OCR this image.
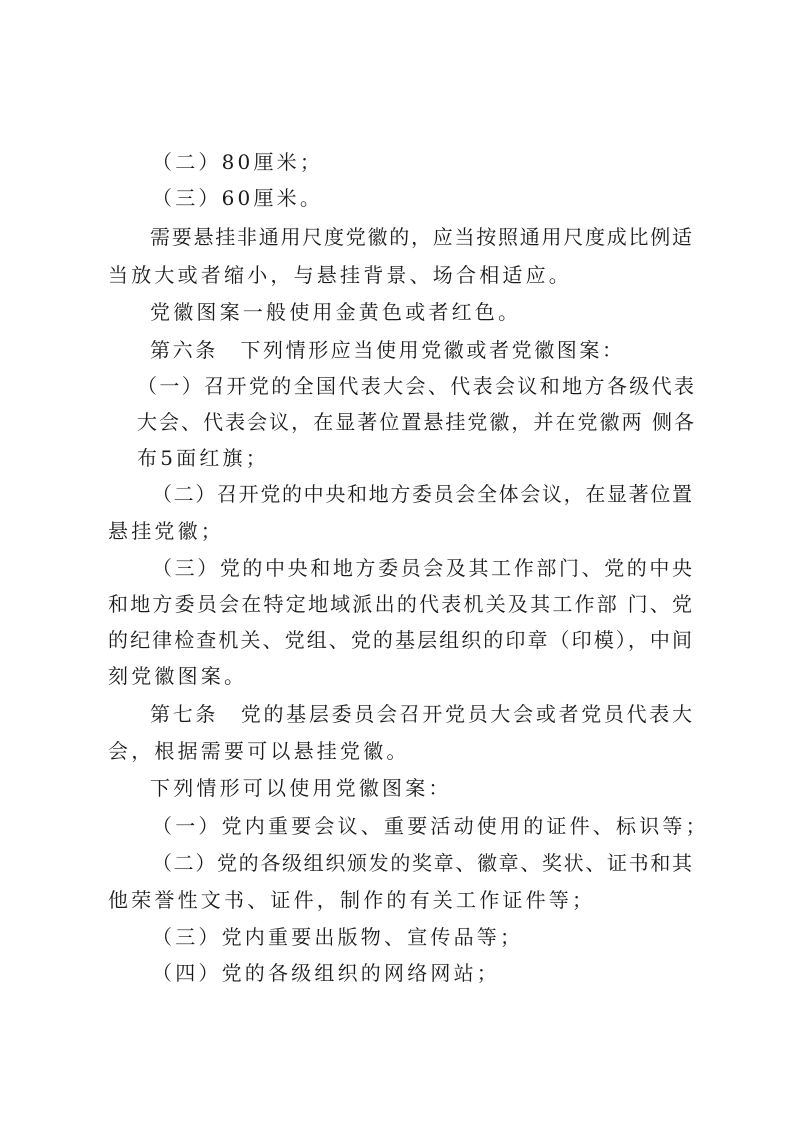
（二）80厘米；
（三）60厘米。
需要悬挂非通用尺度党徽的，应当按照通用尺度成比例适
当放大或者缩小，与悬挂背景、场合相适应。
党徽图案一般使用金黄色或者红色。
第六条　下列情形应当使用党徽或者党徽图案：
（一）召开党的全国代表大会、代表会议和地方各级代表
大会、代表会议，在显著位置悬挂党徽，并在党徽两 侧各
布5面红旗；
（二）召开党的中央和地方委员会全体会议，在显著位置
悬挂党徽；
（三）党的中央和地方委员会及其工作部门、党的中央
和地方委员会在特定地域派出的代表机关及其工作部 门、党
的纪律检查机关、党组、党的基层组织的印章（印模），中间
刻党徽图案。
第七条　党的基层委员会召开党员大会或者党员代表大
会，根据需要可以悬挂党徽。
下列情形可以使用党徽图案：
（一）党内重要会议、重要活动使用的证件、标识等；
（二）党的各级组织颁发的奖章、徽章、奖状、证书和其
他荣誉性文书、证件，制作的有关工作证件等；
（三）党内重要出版物、宣传品等；
（四）党的各级组织的网络网站；
